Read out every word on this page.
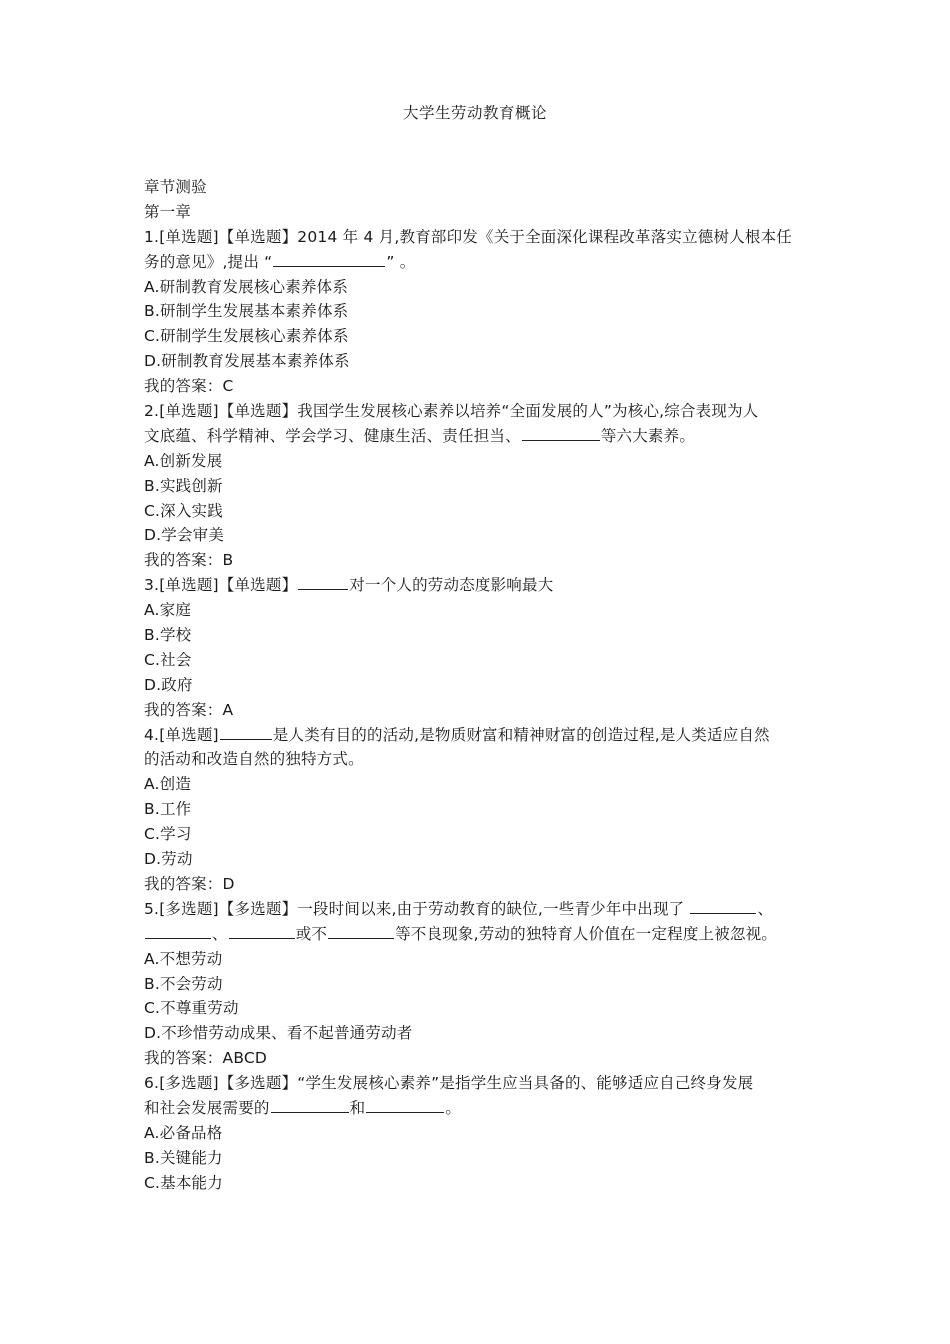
大学生劳动教育概论
章节测验
第一章
1.[单选题]【单选题】2014 年 4 月,教育部印发《关于全面深化课程改革落实立德树人根本任
务的意见》,提出 “	” 。
A.研制教育发展核心素养体系
B.研制学生发展基本素养体系
C.研制学生发展核心素养体系
D.研制教育发展基本素养体系
我的答案：C
2.[单选题]【单选题】我国学生发展核心素养以培养“全面发展的人”为核心,综合表现为人
文底蕴、科学精神、学会学习、健康生活、责任担当、	等六大素养。
A.创新发展
B.实践创新
C.深入实践
D.学会审美
我的答案：B
3.[单选题]【单选题】	对一个人的劳动态度影响最大
A.家庭
B.学校
C.社会
D.政府
我的答案：A
4.[单选题]	是人类有目的的活动,是物质财富和精神财富的创造过程,是人类适应自然
的活动和改造自然的独特方式。
A.创造
B.工作
C.学习
D.劳动
我的答案：D
5.[多选题]【多选题】一段时间以来,由于劳动教育的缺位,一些青少年中出现了	、
、	或不	等不良现象,劳动的独特育人价值在一定程度上被忽视。
A.不想劳动
B.不会劳动
C.不尊重劳动
D.不珍惜劳动成果、看不起普通劳动者
我的答案：ABCD
6.[多选题]【多选题】“学生发展核心素养”是指学生应当具备的、能够适应自己终身发展
和社会发展需要的	和	。
A.必备品格
B.关键能力
C.基本能力
